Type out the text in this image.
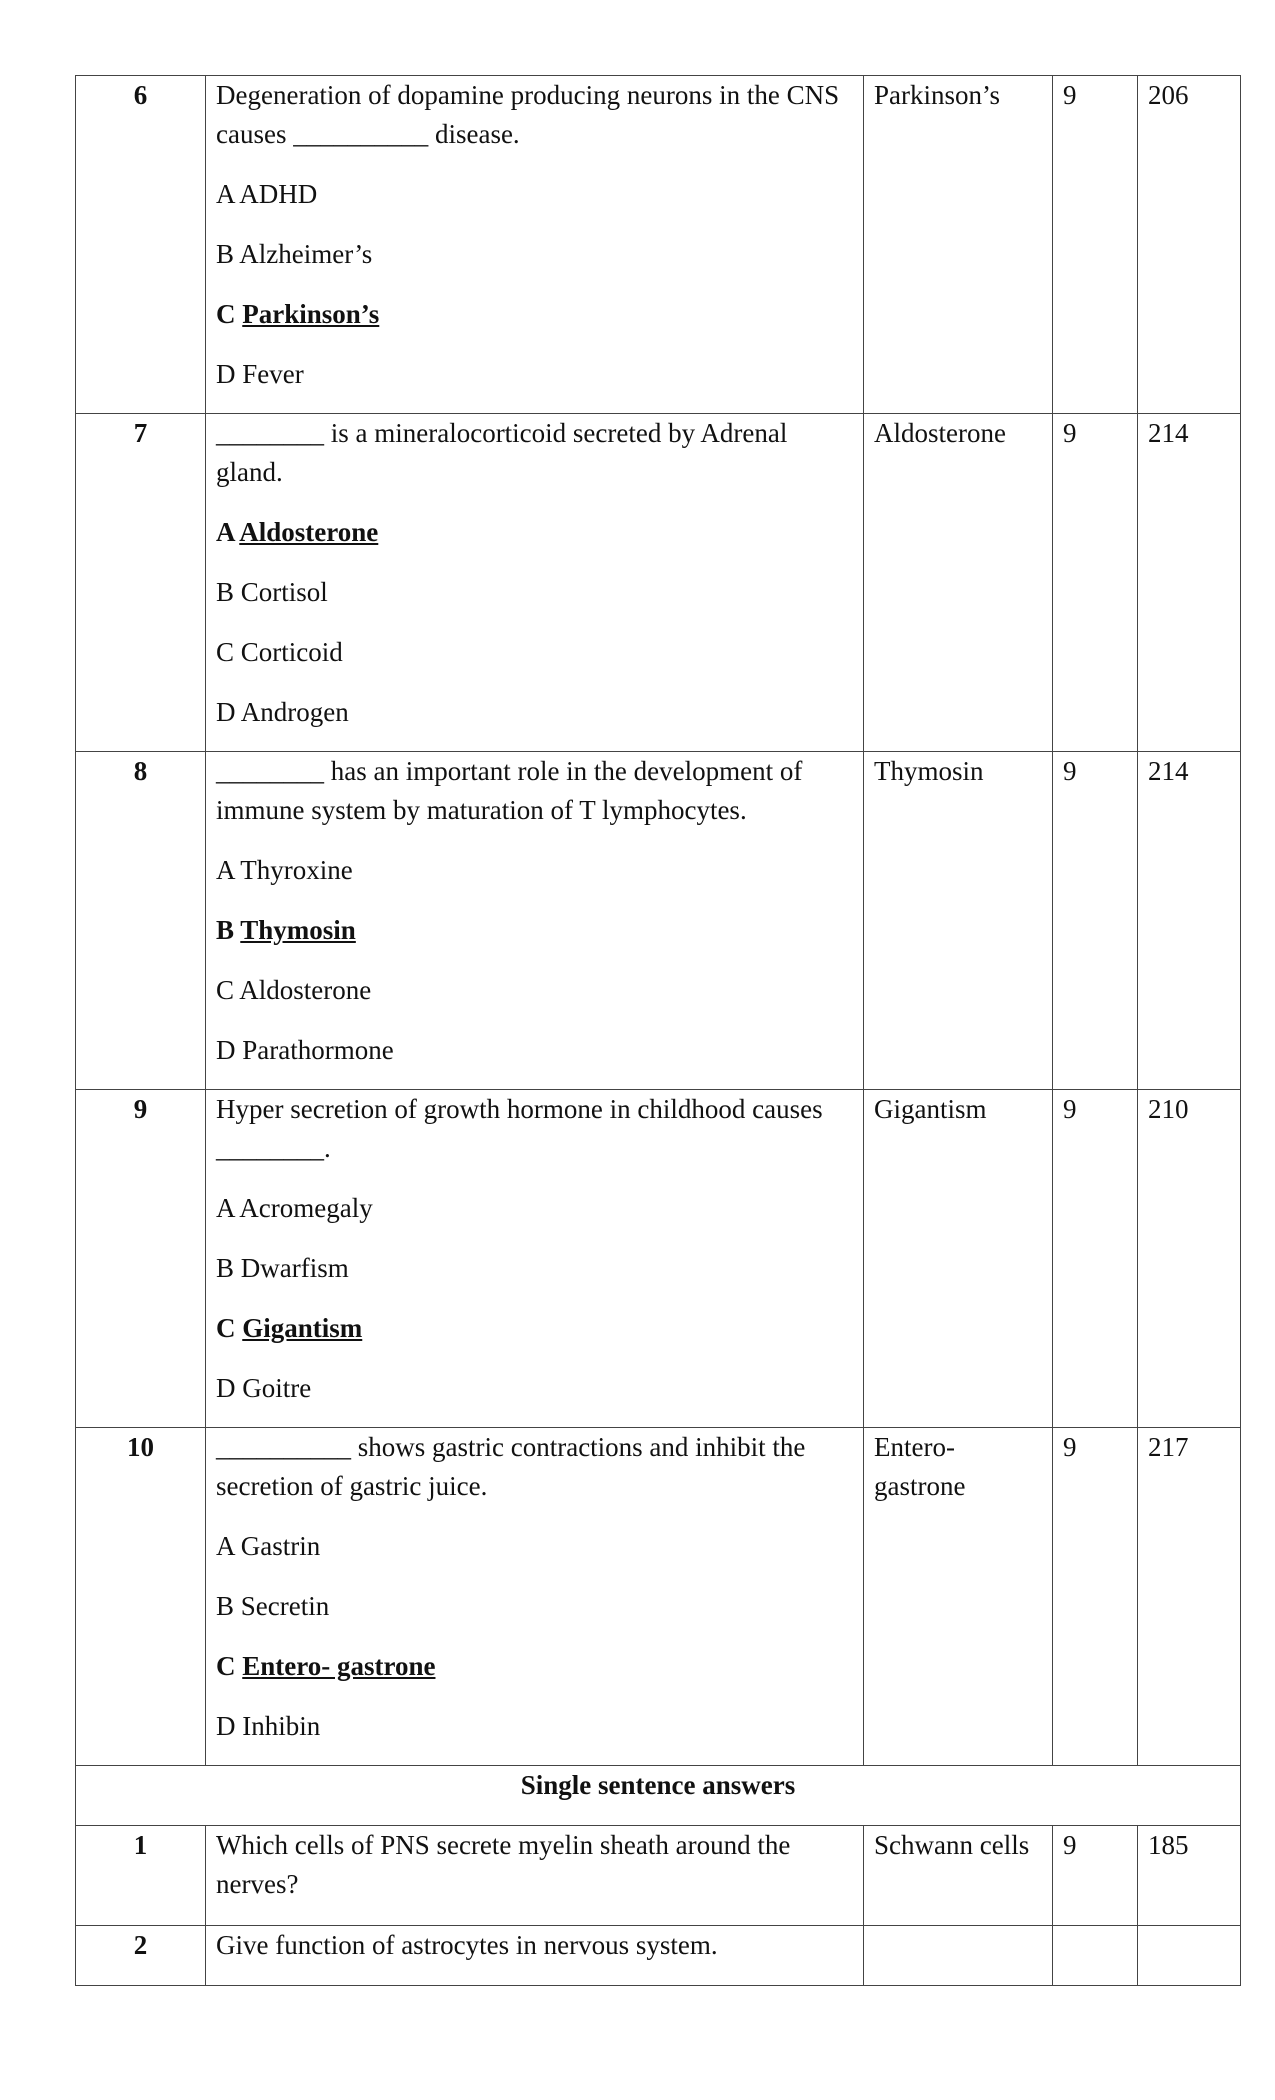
6	Degeneration of dopamine producing neurons in the CNS causes __________ disease.
A ADHD
B Alzheimer’s
C Parkinson’s
D Fever	Parkinson’s	9	206
7	________ is a mineralocorticoid secreted by Adrenal gland.
A Aldosterone
B Cortisol
C Corticoid
D Androgen	Aldosterone	9	214
8	________ has an important role in the development of immune system by maturation of T lymphocytes.
A Thyroxine
B Thymosin
C Aldosterone
D Parathormone	Thymosin	9	214
9	Hyper secretion of growth hormone in childhood causes ________.
A Acromegaly
B Dwarfism
C Gigantism
D Goitre	Gigantism	9	210
10	__________ shows gastric contractions and inhibit the secretion of gastric juice.
A Gastrin
B Secretin
C Entero- gastrone
D Inhibin	Entero-
gastrone	9	217
Single sentence answers				
1	Which cells of PNS secrete myelin sheath around the nerves?	Schwann cells	9	185
2	Give function of astrocytes in nervous system.			
